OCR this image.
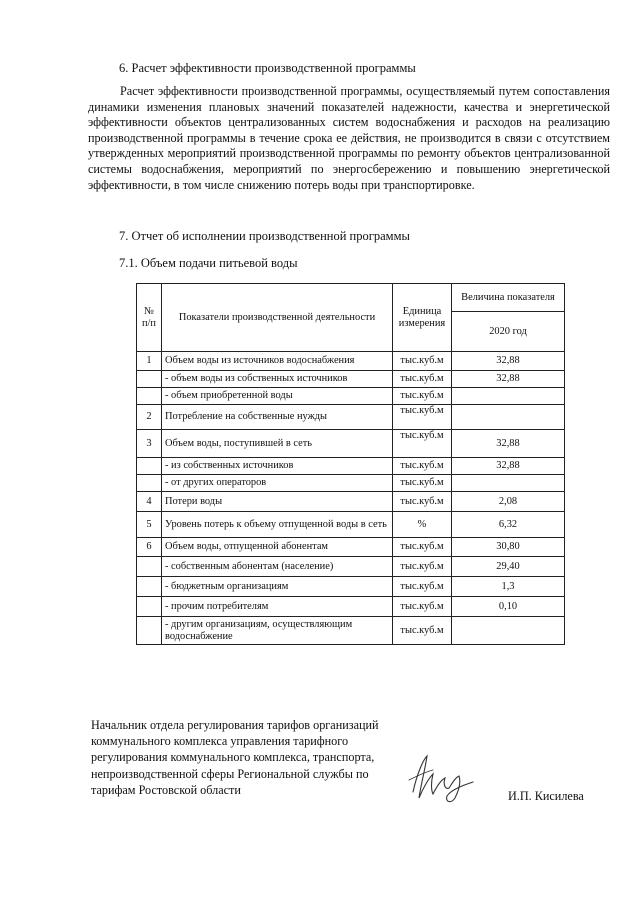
6. Расчет эффективности производственной программы
Расчет эффективности производственной программы, осуществляемый путем сопоставления динамики изменения плановых значений показателей надежности, качества и энергетической эффективности объектов централизованных систем водоснабжения и расходов на реализацию производственной программы в течение срока ее действия, не производится в связи с отсутствием утвержденных мероприятий производственной программы по ремонту объектов централизованной системы водоснабжения, мероприятий по энергосбережению и повышению энергетической эффективности, в том числе снижению потерь воды при транспортировке.
7. Отчет об исполнении производственной программы
7.1. Объем подачи питьевой воды
№ п/п	Показатели производственной деятельности	Единица измерения	Величина показателя
			2020 год
1	Объем воды из источников водоснабжения	тыс.куб.м	32,88
	- объем воды из собственных источников	тыс.куб.м	32,88
	- объем приобретенной воды	тыс.куб.м	
2	Потребление на собственные нужды	тыс.куб.м	
3	Объем воды, поступившей в сеть	тыс.куб.м	32,88
	- из собственных источников	тыс.куб.м	32,88
	- от других операторов	тыс.куб.м	
4	Потери воды	тыс.куб.м	2,08
5	Уровень потерь к объему отпущенной воды в сеть	%	6,32
6	Объем воды, отпущенной абонентам	тыс.куб.м	30,80
	- собственным абонентам (население)	тыс.куб.м	29,40
	- бюджетным организациям	тыс.куб.м	1,3
	- прочим потребителям	тыс.куб.м	0,10
	- другим организациям, осуществляющим водоснабжение	тыс.куб.м	
Начальник отдела регулирования тарифов организаций коммунального комплекса управления тарифного регулирования коммунального комплекса, транспорта, непроизводственной сферы Региональной службы по тарифам Ростовской области	И.П. Кисилева
